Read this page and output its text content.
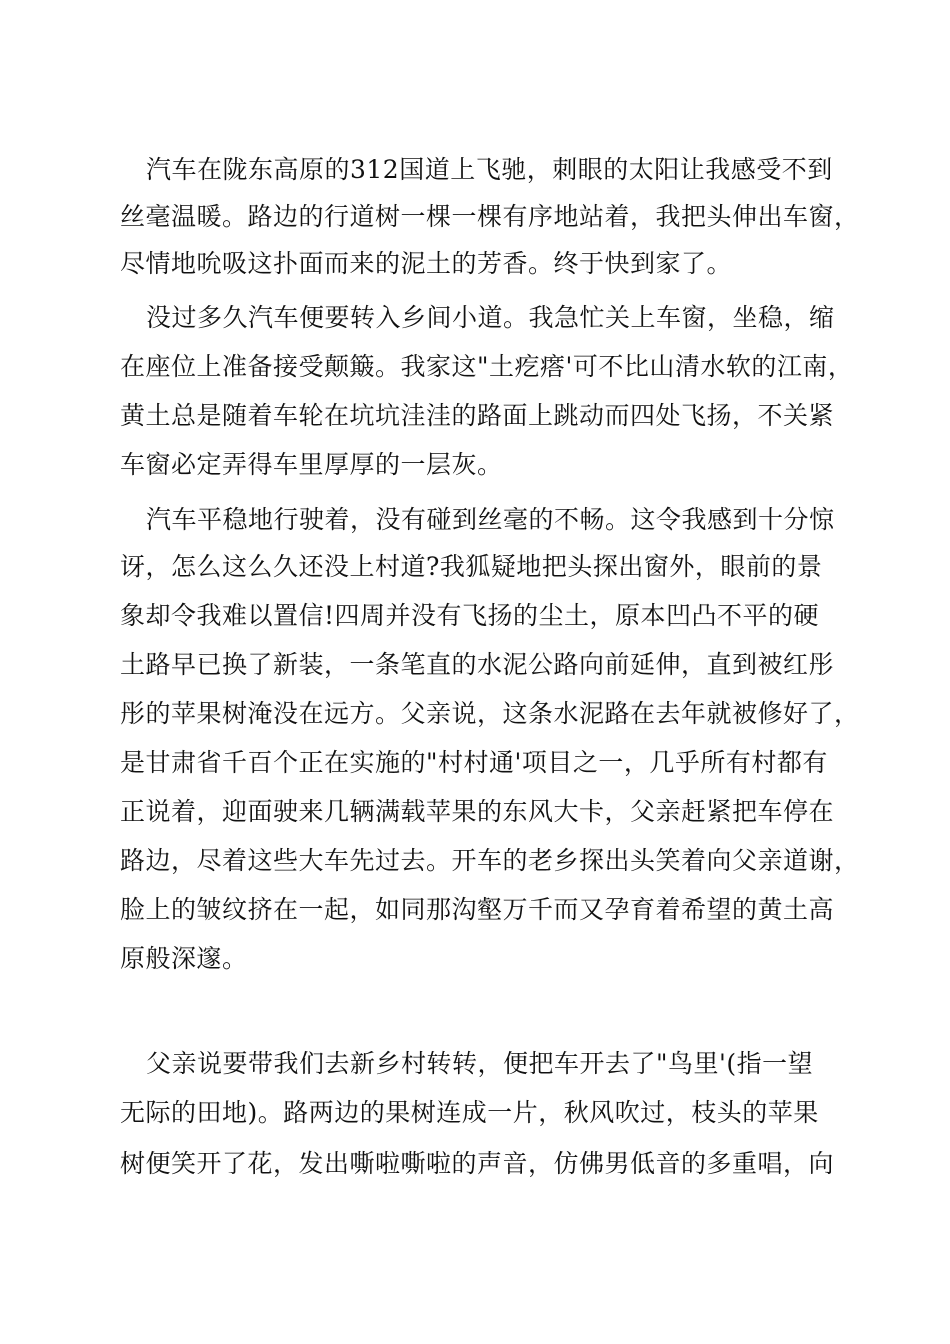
汽车在陇东高原的312国道上飞驰，刺眼的太阳让我感受不到
丝毫温暖。路边的行道树一棵一棵有序地站着，我把头伸出车窗，
尽情地吮吸这扑面而来的泥土的芳香。终于快到家了。
没过多久汽车便要转入乡间小道。我急忙关上车窗，坐稳，缩
在座位上准备接受颠簸。我家这"土疙瘩'可不比山清水软的江南，
黄土总是随着车轮在坑坑洼洼的路面上跳动而四处飞扬，不关紧
车窗必定弄得车里厚厚的一层灰。
汽车平稳地行驶着，没有碰到丝毫的不畅。这令我感到十分惊
讶，怎么这么久还没上村道?我狐疑地把头探出窗外，眼前的景
象却令我难以置信!四周并没有飞扬的尘土，原本凹凸不平的硬
土路早已换了新装，一条笔直的水泥公路向前延伸，直到被红彤
彤的苹果树淹没在远方。父亲说，这条水泥路在去年就被修好了，
是甘肃省千百个正在实施的"村村通'项目之一，几乎所有村都有
正说着，迎面驶来几辆满载苹果的东风大卡，父亲赶紧把车停在
路边，尽着这些大车先过去。开车的老乡探出头笑着向父亲道谢，
脸上的皱纹挤在一起，如同那沟壑万千而又孕育着希望的黄土高
原般深邃。
父亲说要带我们去新乡村转转，便把车开去了"鸟里'(指一望
无际的田地)。路两边的果树连成一片，秋风吹过，枝头的苹果
树便笑开了花，发出嘶啦嘶啦的声音，仿佛男低音的多重唱，向
